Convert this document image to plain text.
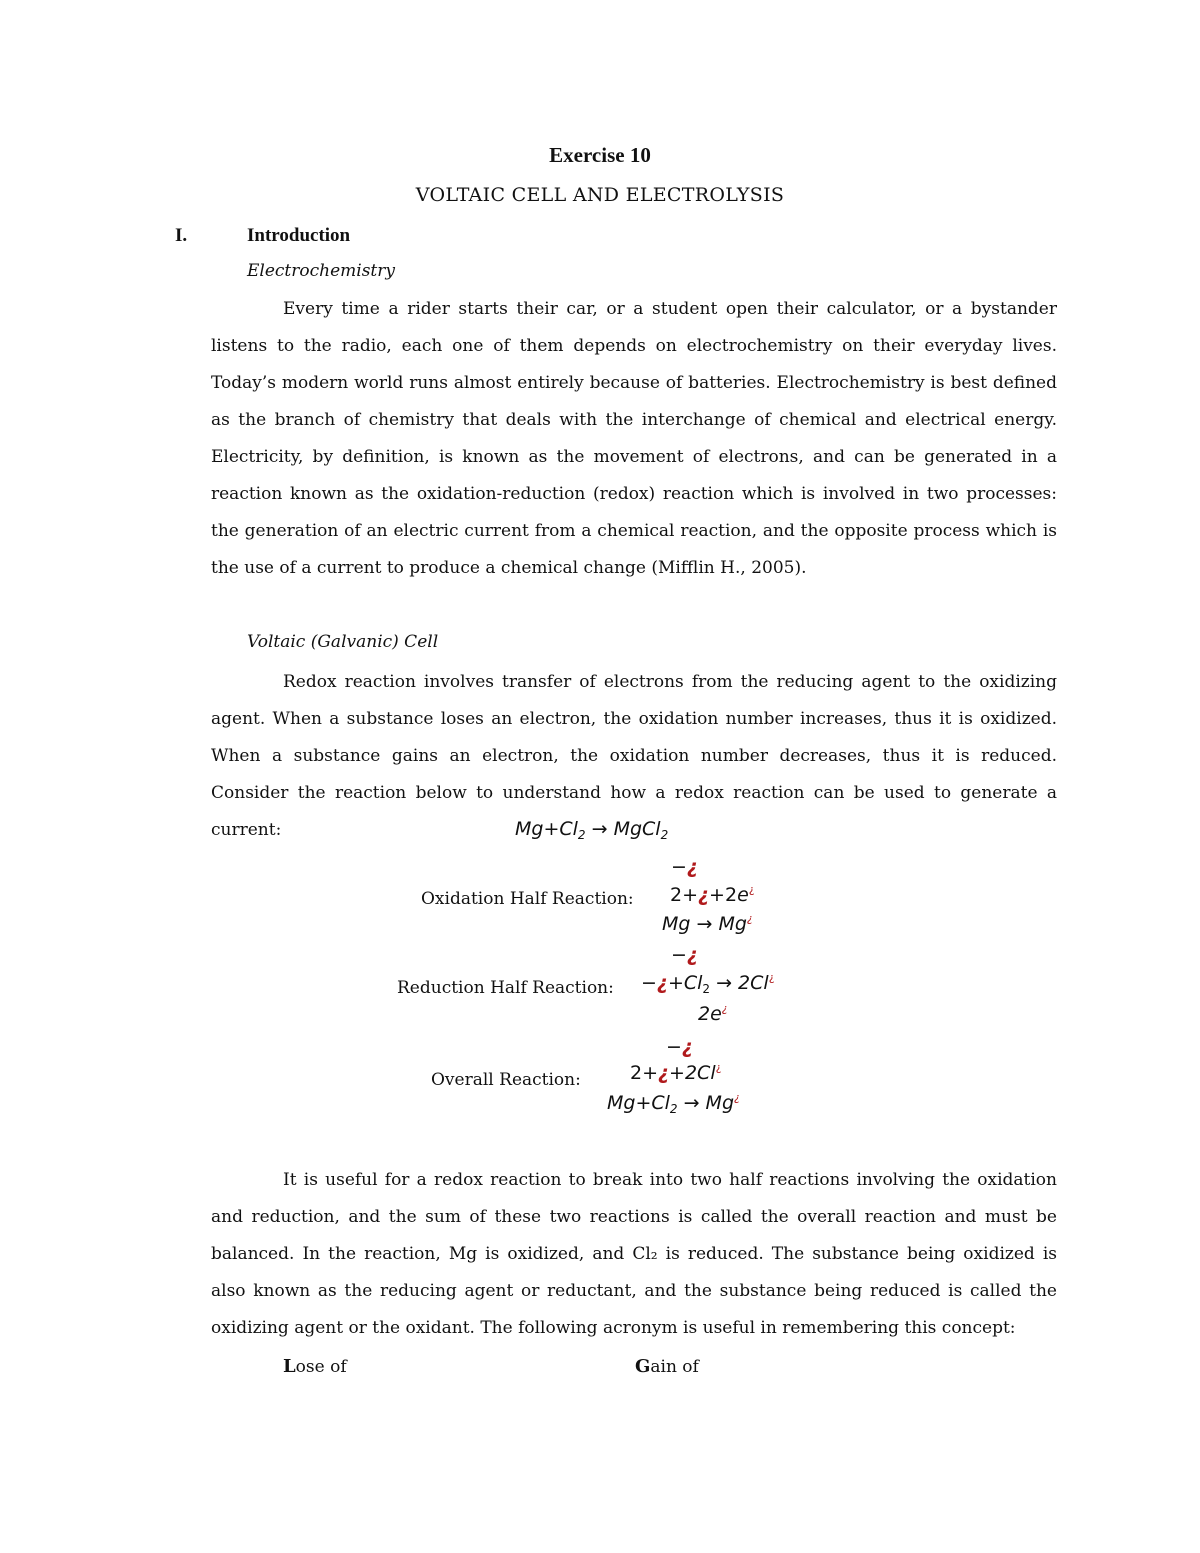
Exercise 10
VOLTAIC CELL AND ELECTROLYSIS
I.	Introduction
Electrochemistry
Every time a rider starts their car, or a student open their calculator, or a bystander listens to the radio, each one of them depends on electrochemistry on their everyday lives. Today’s modern world runs almost entirely because of batteries. Electrochemistry is best defined as the branch of chemistry that deals with the interchange of chemical and electrical energy. Electricity, by definition, is known as the movement of electrons, and can be generated in a reaction known as the oxidation-reduction (redox) reaction which is involved in two processes: the generation of an electric current from a chemical reaction, and the opposite process which is the use of a current to produce a chemical change (Mifflin H., 2005).
Voltaic (Galvanic) Cell
Redox reaction involves transfer of electrons from the reducing agent to the oxidizing agent. When a substance loses an electron, the oxidation number increases, thus it is oxidized. When a substance gains an electron, the oxidation number decreases, thus it is reduced. Consider the reaction below to understand how a redox reaction can be used to generate a current:	$Mg+Cl_2$ → MgCl$_2$
Oxidation Half Reaction:
−¿
2+¿+2e¿
Mg → Mg¿
Reduction Half Reaction:
−¿
$-¿+Cl_2 \to 2Cl^¿$
2e¿
Overall Reaction:
−¿
2+¿+2Cl¿
$Mg+Cl_2 \to Mg^¿$
It is useful for a redox reaction to break into two half reactions involving the oxidation and reduction, and the sum of these two reactions is called the overall reaction and must be balanced. In the reaction, Mg is oxidized, and Cl₂ is reduced. The substance being oxidized is also known as the reducing agent or reductant, and the substance being reduced is called the oxidizing agent or the oxidant. The following acronym is useful in remembering this concept:
Lose of	Gain of
